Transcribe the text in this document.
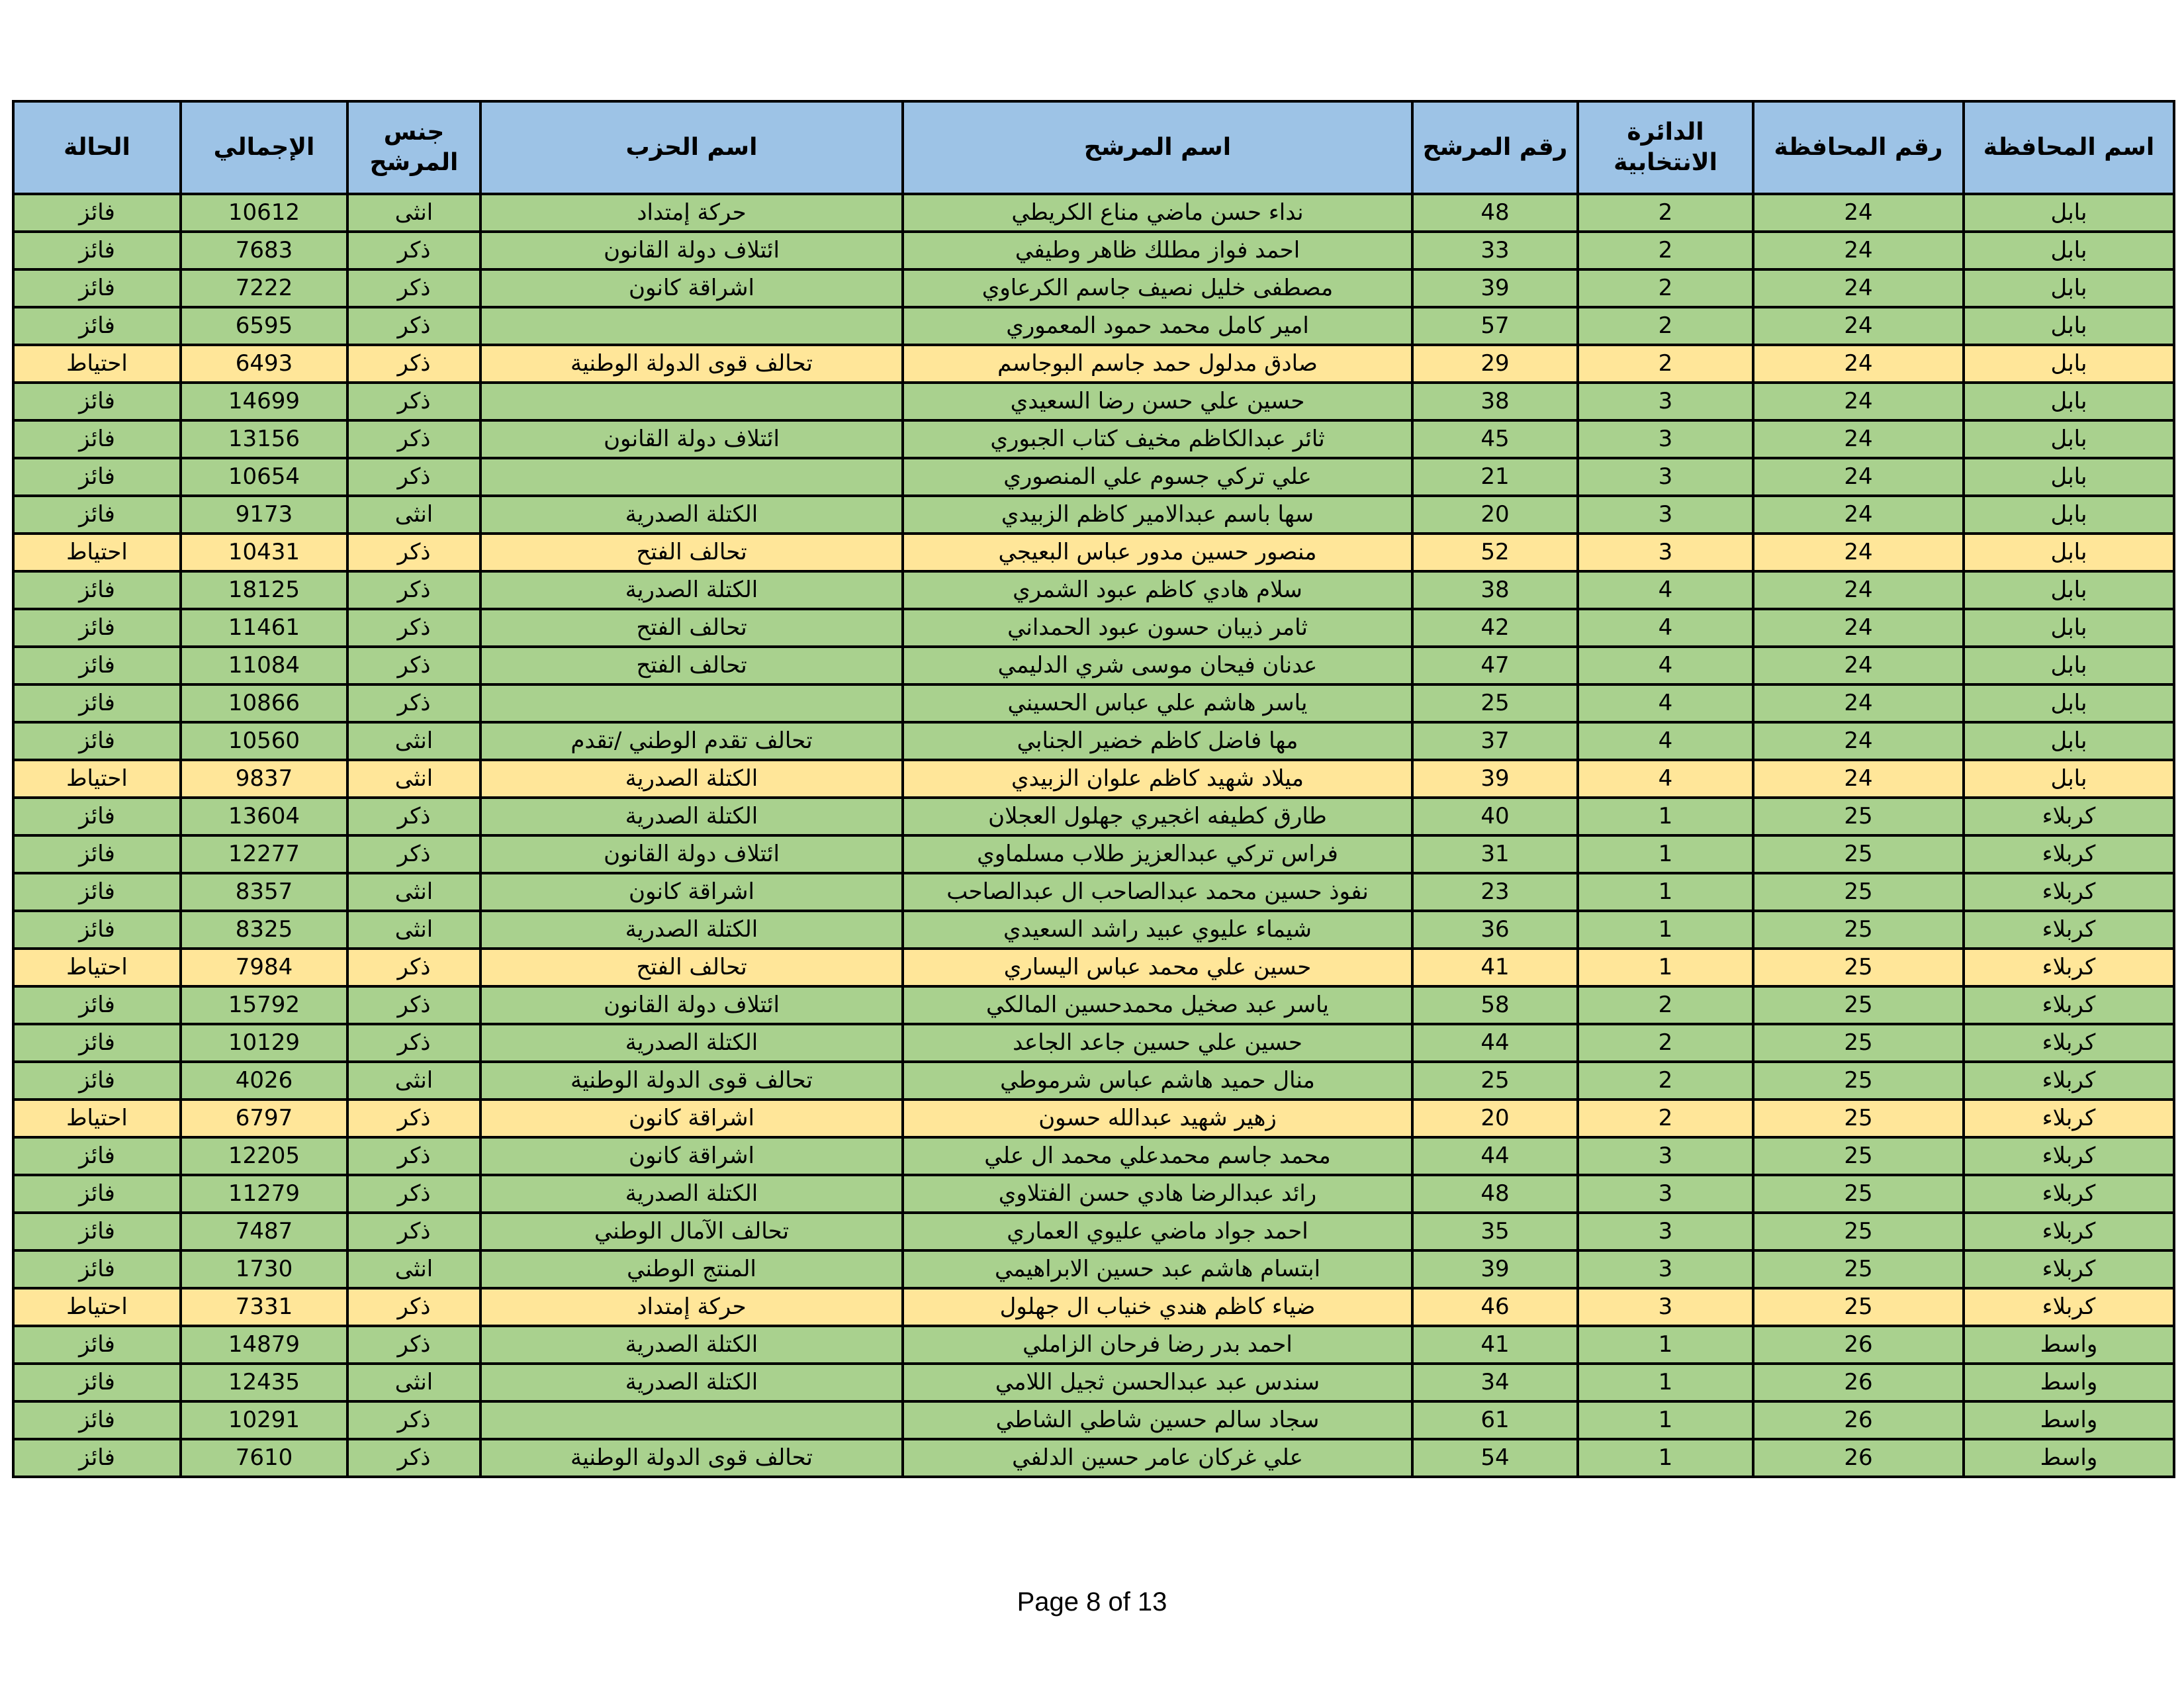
اسم المحافظة	رقم المحافظة	الدائرة الانتخابية	رقم المرشح	اسم المرشح	اسم الحزب	جنس المرشح	الإجمالي	الحالة
بابل	24	2	48	نداء حسن ماضي مناع الكريطي	حركة إمتداد	انثى	10612	فائز
بابل	24	2	33	احمد فواز مطلك ظاهر وطيفي	ائتلاف دولة القانون	ذكر	7683	فائز
بابل	24	2	39	مصطفى خليل نصيف جاسم الكرعاوي	اشراقة كانون	ذكر	7222	فائز
بابل	24	2	57	امير كامل محمد حمود المعموري		ذكر	6595	فائز
بابل	24	2	29	صادق مدلول حمد جاسم البوجاسم	تحالف قوى الدولة الوطنية	ذكر	6493	احتياط
بابل	24	3	38	حسين علي حسن رضا السعيدي		ذكر	14699	فائز
بابل	24	3	45	ثائر عبدالكاظم مخيف كتاب الجبوري	ائتلاف دولة القانون	ذكر	13156	فائز
بابل	24	3	21	علي تركي جسوم علي المنصوري		ذكر	10654	فائز
بابل	24	3	20	سها باسم عبدالامير كاظم الزبيدي	الكتلة الصدرية	انثى	9173	فائز
بابل	24	3	52	منصور حسين مدور عباس البعيجي	تحالف الفتح	ذكر	10431	احتياط
بابل	24	4	38	سلام هادي كاظم عبود الشمري	الكتلة الصدرية	ذكر	18125	فائز
بابل	24	4	42	ثامر ذيبان حسون عبود الحمداني	تحالف الفتح	ذكر	11461	فائز
بابل	24	4	47	عدنان فيحان موسى شري الدليمي	تحالف الفتح	ذكر	11084	فائز
بابل	24	4	25	ياسر هاشم علي عباس الحسيني		ذكر	10866	فائز
بابل	24	4	37	مها فاضل كاظم خضير الجنابي	تحالف تقدم الوطني /تقدم	انثى	10560	فائز
بابل	24	4	39	ميلاد شهيد كاظم علوان الزبيدي	الكتلة الصدرية	انثى	9837	احتياط
كربلاء	25	1	40	طارق كطيفه اغجيري جهلول العجلان	الكتلة الصدرية	ذكر	13604	فائز
كربلاء	25	1	31	فراس تركي عبدالعزيز طلاب مسلماوي	ائتلاف دولة القانون	ذكر	12277	فائز
كربلاء	25	1	23	نفوذ حسين محمد عبدالصاحب ال عبدالصاحب	اشراقة كانون	انثى	8357	فائز
كربلاء	25	1	36	شيماء عليوي عبيد راشد السعيدي	الكتلة الصدرية	انثى	8325	فائز
كربلاء	25	1	41	حسين علي محمد عباس اليساري	تحالف الفتح	ذكر	7984	احتياط
كربلاء	25	2	58	ياسر عبد صخيل محمدحسين المالكي	ائتلاف دولة القانون	ذكر	15792	فائز
كربلاء	25	2	44	حسين علي حسين جاعد الجاعد	الكتلة الصدرية	ذكر	10129	فائز
كربلاء	25	2	25	منال حميد هاشم عباس شرموطي	تحالف قوى الدولة الوطنية	انثى	4026	فائز
كربلاء	25	2	20	زهير شهيد عبدالله حسون	اشراقة كانون	ذكر	6797	احتياط
كربلاء	25	3	44	محمد جاسم محمدعلي محمد ال علي	اشراقة كانون	ذكر	12205	فائز
كربلاء	25	3	48	رائد عبدالرضا هادي حسن الفتلاوي	الكتلة الصدرية	ذكر	11279	فائز
كربلاء	25	3	35	احمد جواد ماضي عليوي العماري	تحالف الآمال الوطني	ذكر	7487	فائز
كربلاء	25	3	39	ابتسام هاشم عبد حسين الابراهيمي	المنتج الوطني	انثى	1730	فائز
كربلاء	25	3	46	ضياء كاظم هندي خنياب ال جهلول	حركة إمتداد	ذكر	7331	احتياط
واسط	26	1	41	احمد بدر رضا فرحان الزاملي	الكتلة الصدرية	ذكر	14879	فائز
واسط	26	1	34	سندس عبد عبدالحسن ثجيل اللامي	الكتلة الصدرية	انثى	12435	فائز
واسط	26	1	61	سجاد سالم حسين شاطي الشاطي		ذكر	10291	فائز
واسط	26	1	54	علي غركان عامر حسين الدلفي	تحالف قوى الدولة الوطنية	ذكر	7610	فائز
Page 8 of 13
